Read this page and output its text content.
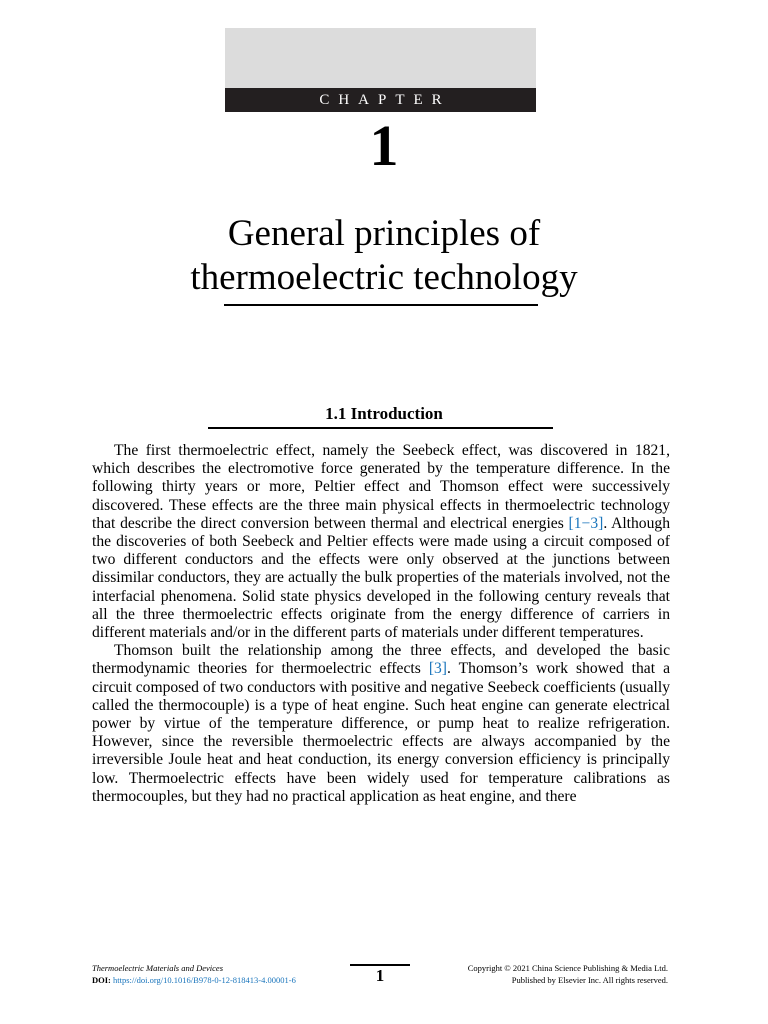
CHAPTER
1
General principles of
thermoelectric technology
1.1 Introduction

The first thermoelectric effect, namely the Seebeck effect, was discovered in 1821, which describes the electromotive force generated by the temperature difference. In the following thirty years or more, Peltier effect and Thomson effect were successively discovered. These effects are the three main physical effects in thermoelectric technology that describe the direct conversion between thermal and electrical energies [1−3]. Although the discoveries of both Seebeck and Peltier effects were made using a circuit composed of two different conductors and the effects were only observed at the junctions between dissimilar conductors, they are actually the bulk properties of the materials involved, not the interfacial phenomena. Solid state physics developed in the following century reveals that all the three thermoelectric effects originate from the energy difference of carriers in different materials and/or in the different parts of materials under different temperatures.

Thomson built the relationship among the three effects, and developed the basic thermodynamic theories for thermoelectric effects [3]. Thomson’s work showed that a circuit composed of two conductors with positive and negative Seebeck coefficients (usually called the thermocouple) is a type of heat engine. Such heat engine can generate electrical power by virtue of the temperature difference, or pump heat to realize refrigeration. However, since the reversible thermoelectric effects are always accompanied by the irreversible Joule heat and heat conduction, its energy conversion efficiency is principally low. Thermoelectric effects have been widely used for temperature calibrations as thermocouples, but they had no practical application as heat engine, and there

Thermoelectric Materials and Devices
DOI: https://doi.org/10.1016/B978-0-12-818413-4.00001-6	1	Copyright © 2021 China Science Publishing & Media Ltd.
Published by Elsevier Inc. All rights reserved.
